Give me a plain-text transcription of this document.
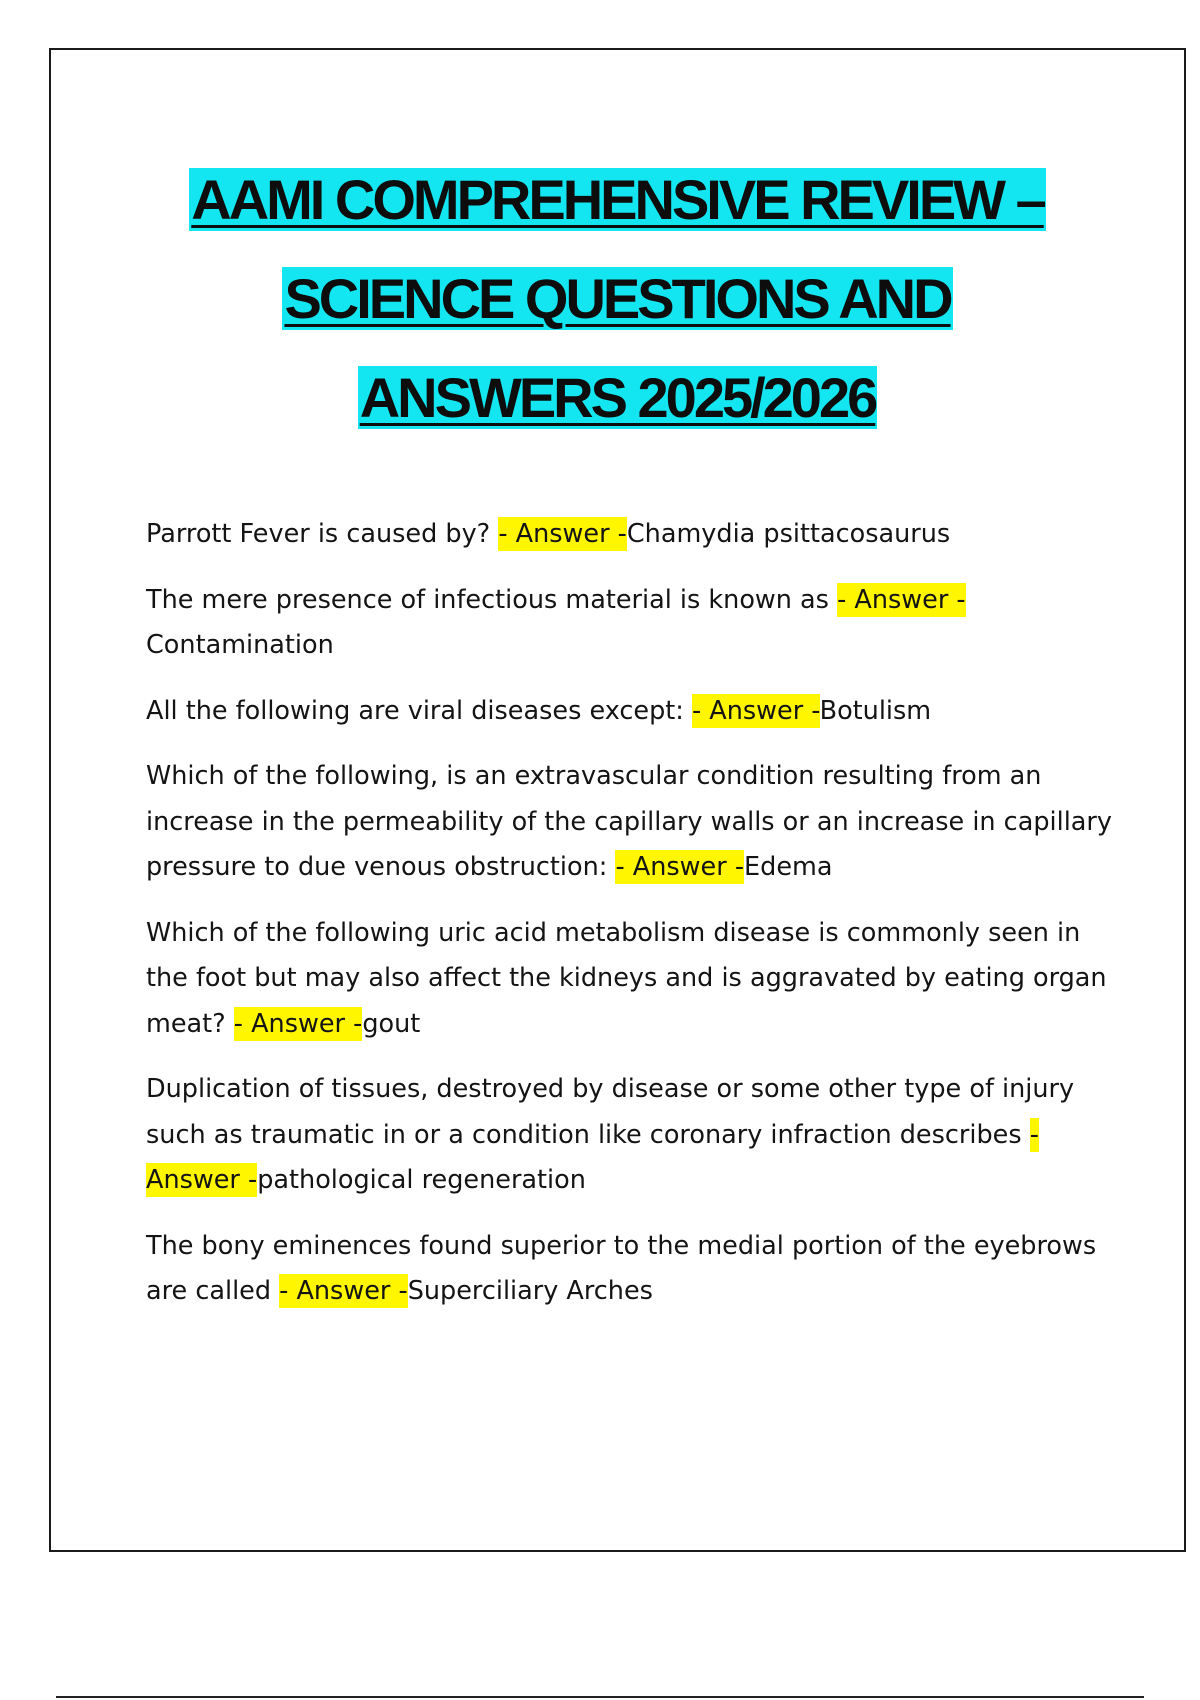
AAMI COMPREHENSIVE REVIEW –
SCIENCE QUESTIONS AND
ANSWERS 2025/2026
Parrott Fever is caused by? - Answer -Chamydia psittacosaurus
The mere presence of infectious material is known as - Answer - Contamination
All the following are viral diseases except: - Answer -Botulism
Which of the following, is an extravascular condition resulting from an increase in the permeability of the capillary walls or an increase in capillary pressure to due venous obstruction: - Answer -Edema
Which of the following uric acid metabolism disease is commonly seen in the foot but may also affect the kidneys and is aggravated by eating organ meat? - Answer -gout
Duplication of tissues, destroyed by disease or some other type of injury such as traumatic in or a condition like coronary infraction describes - Answer -pathological regeneration
The bony eminences found superior to the medial portion of the eyebrows are called - Answer -Superciliary Arches
